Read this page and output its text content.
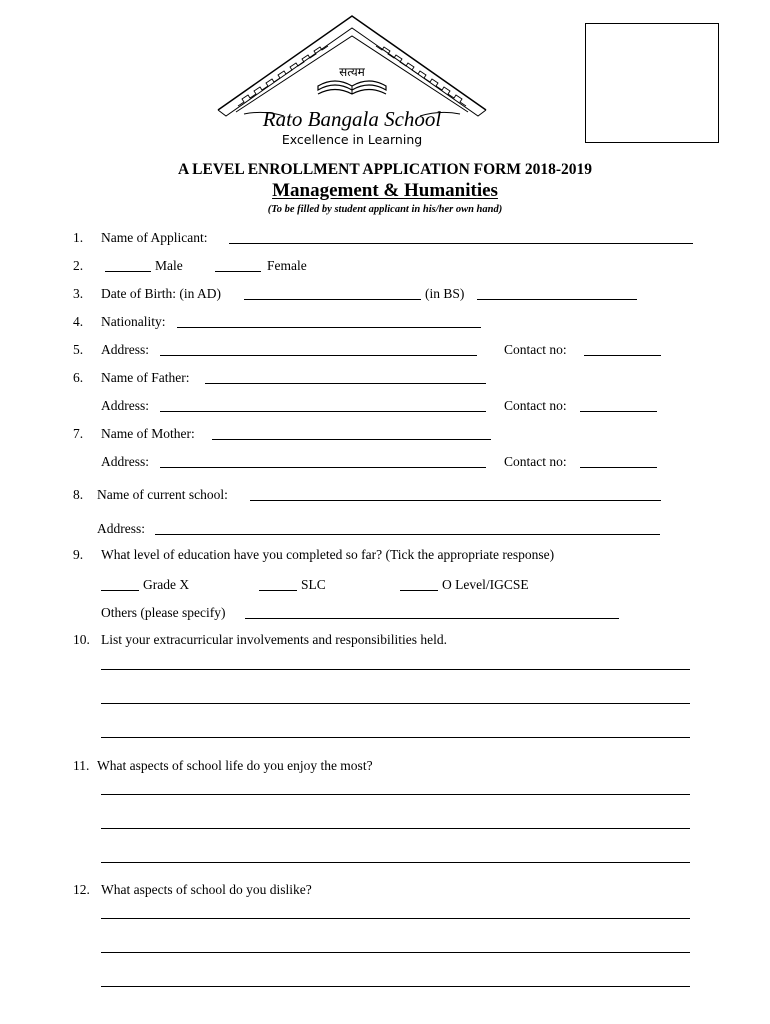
सत्यम
Rato Bangala School
Excellence in Learning
A LEVEL ENROLLMENT APPLICATION FORM 2018-2019
Management & Humanities
(To be filled by student applicant in his/her own hand)
1. Name of Applicant:
2.	Male	Female
3. Date of Birth: (in AD)	(in BS)
4. Nationality:
5. Address:	Contact no:
6. Name of Father:
Address:	Contact no:
7. Name of Mother:
Address:	Contact no:
8. Name of current school:
Address:
9. What level of education have you completed so far? (Tick the appropriate response)
Grade X	SLC	O Level/IGCSE
Others (please specify)
10. List your extracurricular involvements and responsibilities held.
11. What aspects of school life do you enjoy the most?
12. What aspects of school do you dislike?
